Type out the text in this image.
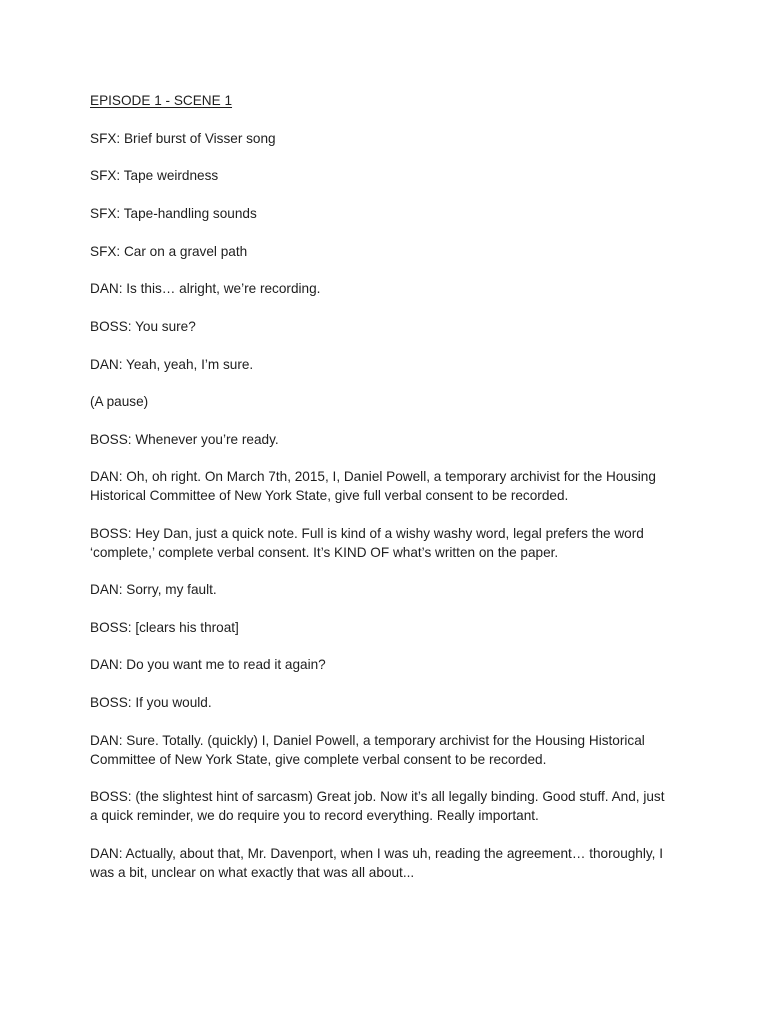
EPISODE 1 - SCENE 1

SFX: Brief burst of Visser song

SFX: Tape weirdness

SFX: Tape-handling sounds

SFX: Car on a gravel path

DAN: Is this… alright, we’re recording.

BOSS: You sure?

DAN: Yeah, yeah, I’m sure.

(A pause)

BOSS: Whenever you’re ready.

DAN: Oh, oh right. On March 7th, 2015, I, Daniel Powell, a temporary archivist for the Housing
Historical Committee of New York State, give full verbal consent to be recorded.

BOSS: Hey Dan, just a quick note. Full is kind of a wishy washy word, legal prefers the word
‘complete,’ complete verbal consent. It’s KIND OF what’s written on the paper.

DAN: Sorry, my fault.

BOSS: [clears his throat]

DAN: Do you want me to read it again?

BOSS: If you would.

DAN: Sure. Totally. (quickly) I, Daniel Powell, a temporary archivist for the Housing Historical
Committee of New York State, give complete verbal consent to be recorded.

BOSS: (the slightest hint of sarcasm) Great job. Now it’s all legally binding. Good stuff. And, just
a quick reminder, we do require you to record everything. Really important.

DAN: Actually, about that, Mr. Davenport, when I was uh, reading the agreement… thoroughly, I
was a bit, unclear on what exactly that was all about...
